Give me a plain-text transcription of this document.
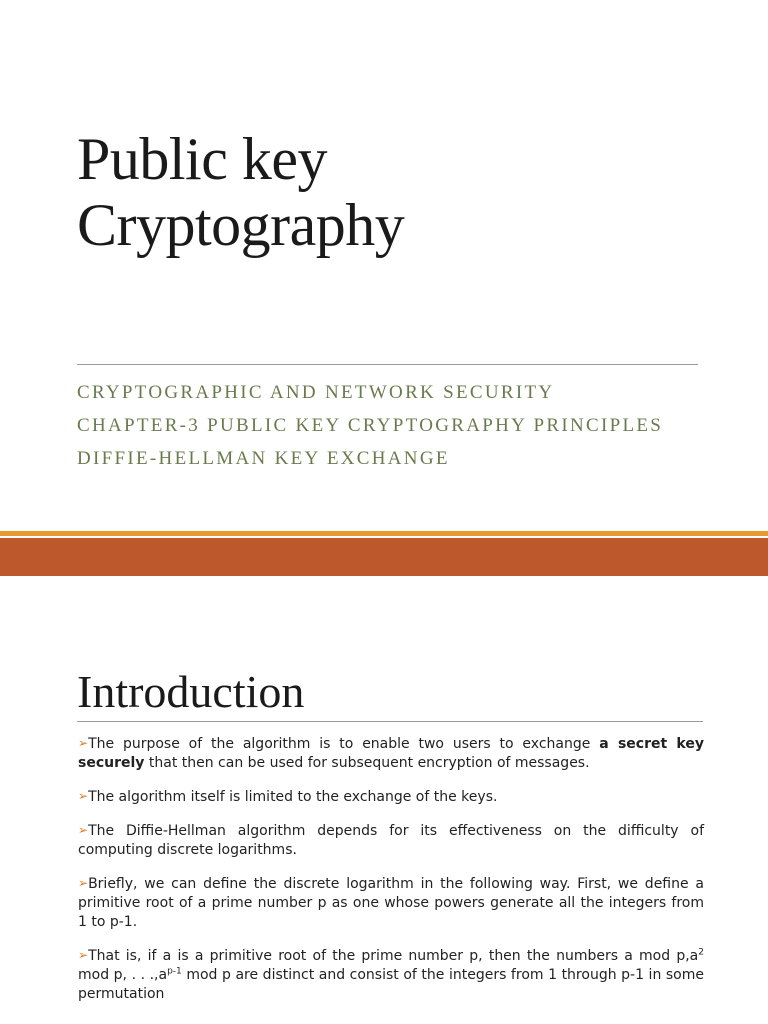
Public key
Cryptography
CRYPTOGRAPHIC AND NETWORK SECURITY
CHAPTER-3 PUBLIC KEY CRYPTOGRAPHY PRINCIPLES
DIFFIE-HELLMAN KEY EXCHANGE
Introduction
➢The purpose of the algorithm is to enable two users to exchange a secret key securely that then can be used for subsequent encryption of messages.
➢The algorithm itself is limited to the exchange of the keys.
➢The Diffie-Hellman algorithm depends for its effectiveness on the difficulty of computing discrete logarithms.
➢Briefly, we can define the discrete logarithm in the following way. First, we define a primitive root of a prime number p as one whose powers generate all the integers from 1 to p-1.
➢That is, if a is a primitive root of the prime number p, then the numbers a mod $p,a^2$ mod p, . . $.,a^{p-1}$ mod p are distinct and consist of the integers from 1 through p-1 in some permutation
